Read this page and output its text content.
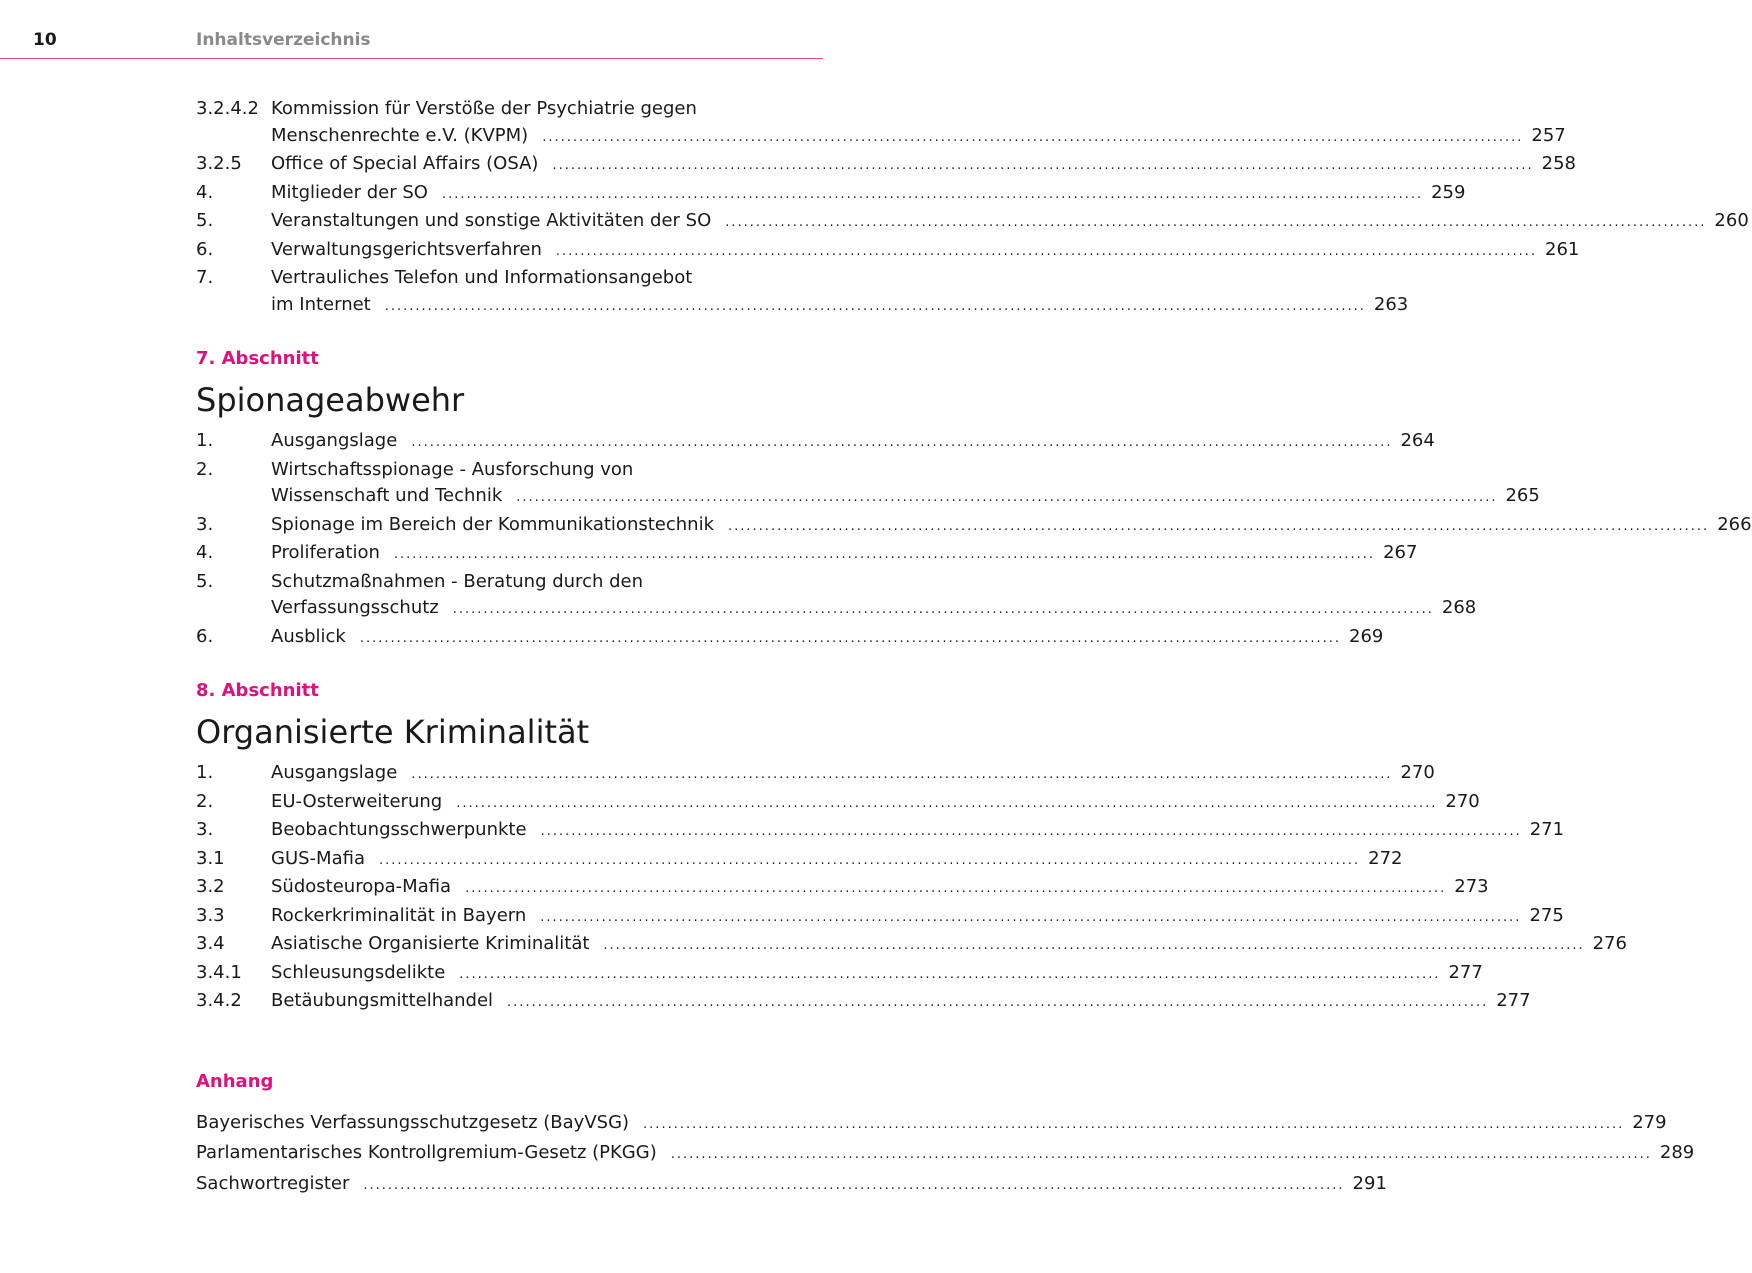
10	Inhaltsverzeichnis
3.2.4.2 Kommission für Verstöße der Psychiatrie gegen
Menschenrechte e.V. (KVPM) ................................................................................................................................................................ 257
3.2.5 Office of Special Affairs (OSA) ................................................................................................................................................................ 258
4.	Mitglieder der SO ................................................................................................................................................................ 259
5.	Veranstaltungen und sonstige Aktivitäten der SO ................................................................................................................................................................ 260
6.	Verwaltungsgerichtsverfahren ................................................................................................................................................................ 261
7.	Vertrauliches Telefon und Informationsangebot
im Internet ................................................................................................................................................................ 263
7. Abschnitt
Spionageabwehr
1.	Ausgangslage ................................................................................................................................................................ 264
2.	Wirtschaftsspionage - Ausforschung von
Wissenschaft und Technik ................................................................................................................................................................ 265
3.	Spionage im Bereich der Kommunikationstechnik ................................................................................................................................................................ 266
4.	Proliferation ................................................................................................................................................................ 267
5.	Schutzmaßnahmen - Beratung durch den
Verfassungsschutz ................................................................................................................................................................ 268
6.	Ausblick ................................................................................................................................................................ 269
8. Abschnitt
Organisierte Kriminalität
1.	Ausgangslage ................................................................................................................................................................ 270
2.	EU-Osterweiterung ................................................................................................................................................................ 270
3.	Beobachtungsschwerpunkte ................................................................................................................................................................ 271
3.1	GUS-Mafia ................................................................................................................................................................ 272
3.2	Südosteuropa-Mafia ................................................................................................................................................................ 273
3.3	Rockerkriminalität in Bayern ................................................................................................................................................................ 275
3.4	Asiatische Organisierte Kriminalität ................................................................................................................................................................ 276
3.4.1 Schleusungsdelikte ................................................................................................................................................................ 277
3.4.2 Betäubungsmittelhandel ................................................................................................................................................................ 277
Anhang
Bayerisches Verfassungsschutzgesetz (BayVSG) ................................................................................................................................................................ 279
Parlamentarisches Kontrollgremium-Gesetz (PKGG) ................................................................................................................................................................ 289
Sachwortregister ................................................................................................................................................................ 291
